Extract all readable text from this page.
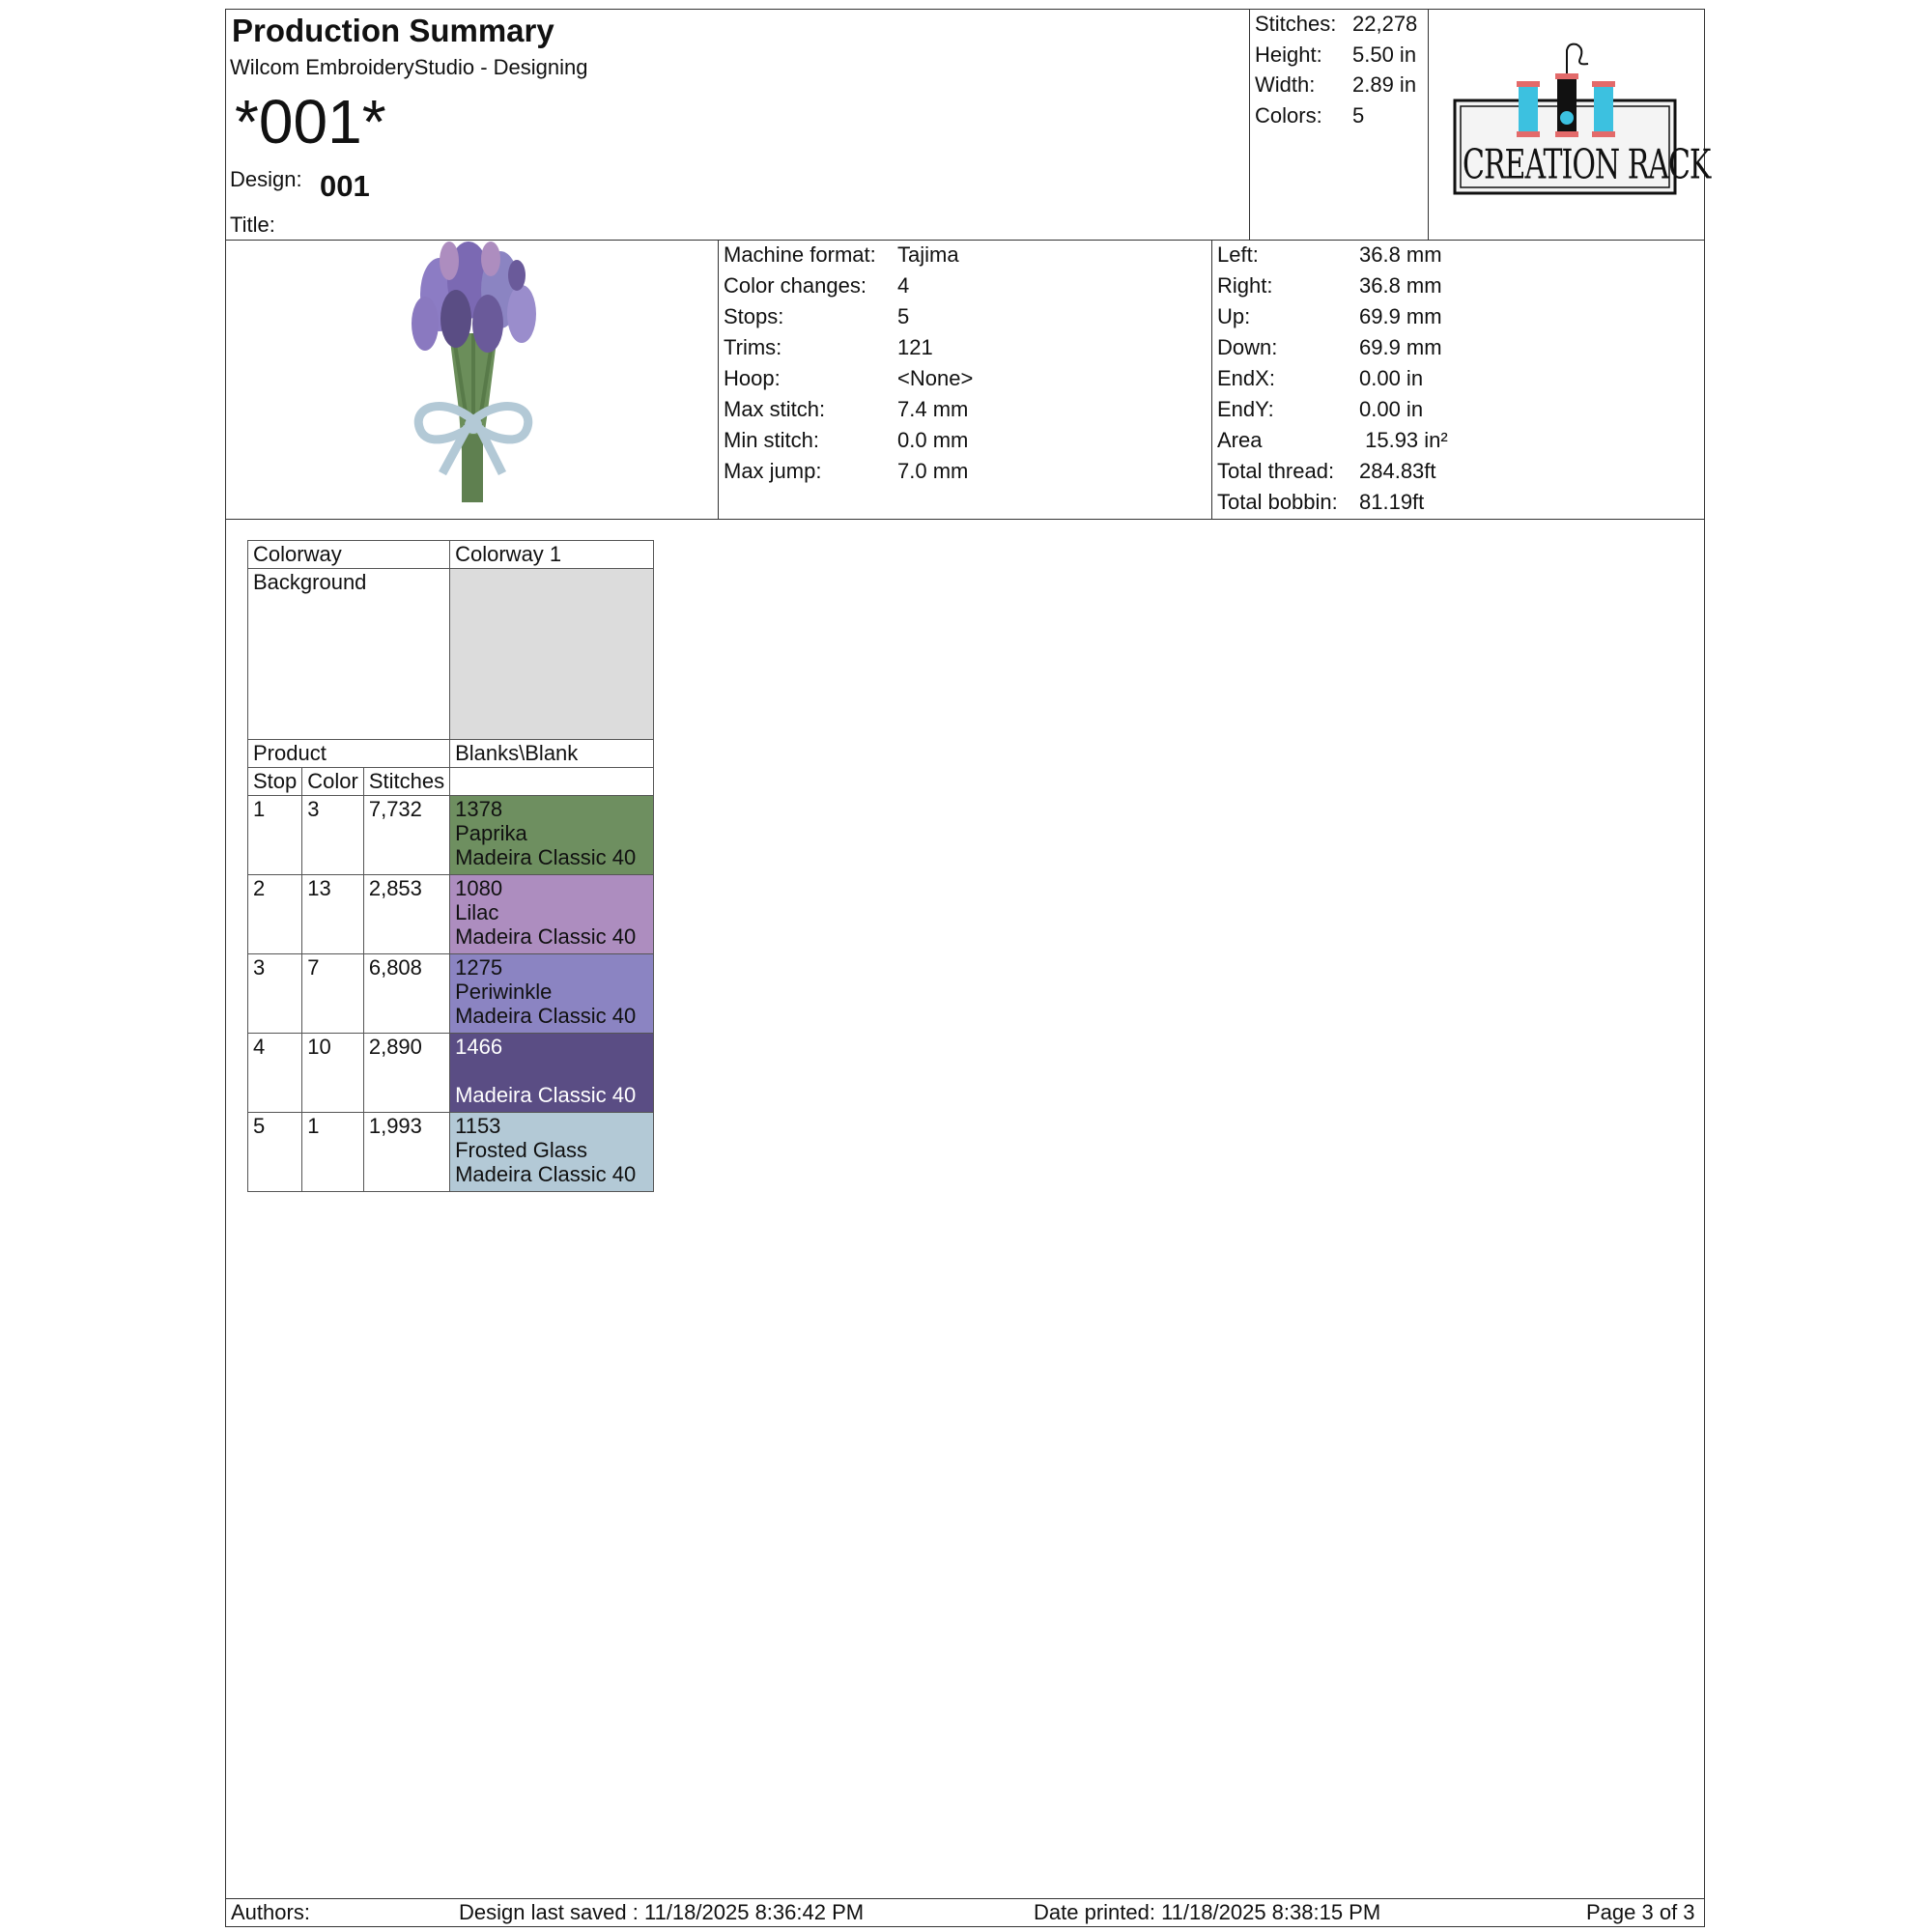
Production Summary
Wilcom EmbroideryStudio - Designing
*001*
Design: 001
Title:
Stitches: 22,278
Height: 5.50 in
Width: 2.89 in
Colors: 5
CREATION RACK
Machine format: Tajima
Color changes: 4
Stops:	5
Trims:	121
Hoop:	<None>
Max stitch:	7.4 mm
Min stitch:	0.0 mm
Max jump:	7.0 mm
Left:	36.8 mm
Right:	36.8 mm
Up:	69.9 mm
Down:	69.9 mm
EndX:	0.00 in
EndY:	0.00 in
Area	15.93 in²
Total thread: 284.83ft
Total bobbin: 81.19ft
Colorway			Colorway 1
Background			
Product			Blanks\Blank
Stop	Color	Stitches	
1	3	7,732	1378
Paprika
Madeira Classic 40

2	13	2,853	1080
Lilac
Madeira Classic 40

3	7	6,808	1275
Periwinkle
Madeira Classic 40

4	10	2,890	1466
Madeira Classic 40

5	1	1,993	1153
Frosted Glass
Madeira Classic 40
Authors:	Design last saved : 11/18/2025 8:36:42 PM	Date printed: 11/18/2025 8:38:15 PM	Page 3 of 3
